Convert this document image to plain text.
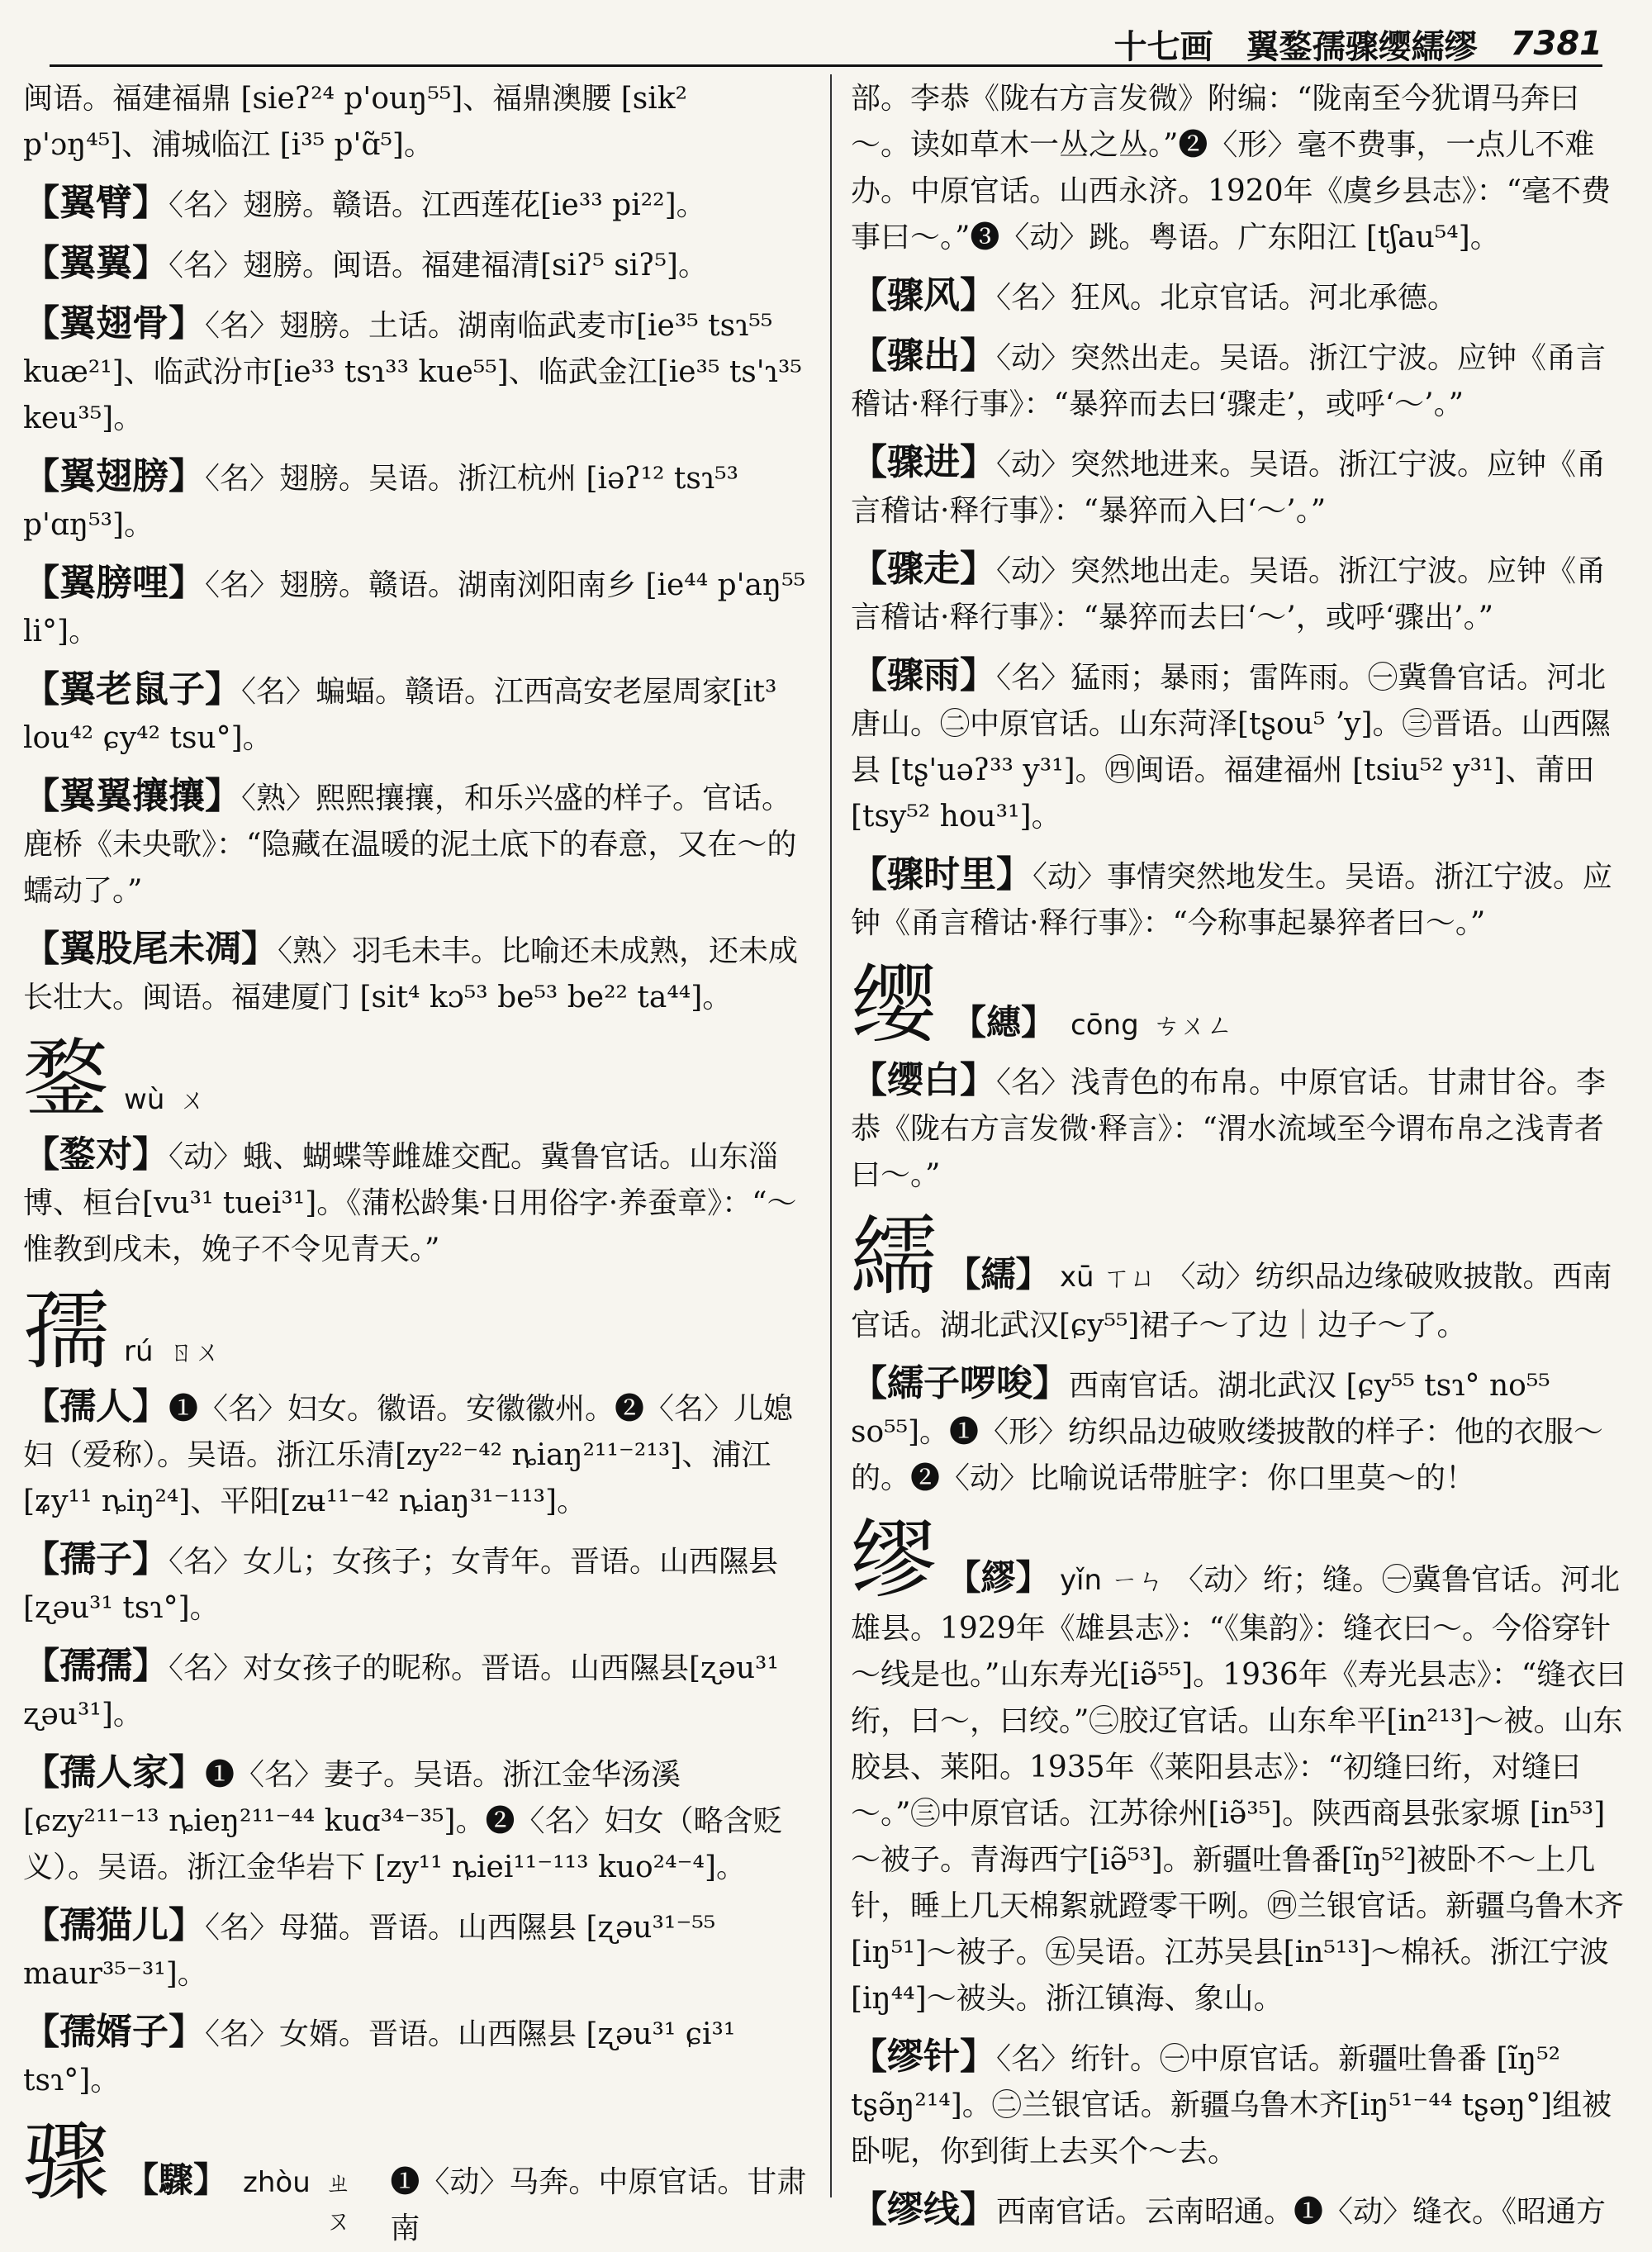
十七画 翼鍪孺骤缨繻缪 7381
闽语。福建福鼎 [sieʔ²⁴ p'ouŋ⁵⁵]、福鼎澳腰 [sik² p'ɔŋ⁴⁵]、浦城临江 [i³⁵ p'ɑ̃⁵]。
【翼臂】〈名〉翅膀。赣语。江西莲花[ie³³ pi²²]。
【翼翼】〈名〉翅膀。闽语。福建福清[siʔ⁵ siʔ⁵]。
【翼翅骨】〈名〉翅膀。土话。湖南临武麦市[ie³⁵ tsɿ⁵⁵ kuæ²¹]、临武汾市[ie³³ tsɿ³³ kue⁵⁵]、临武金江[ie³⁵ ts'ɿ³⁵ keu³⁵]。
【翼翅膀】〈名〉翅膀。吴语。浙江杭州 [iəʔ¹² tsɿ⁵³ p'ɑŋ⁵³]。
【翼膀哩】〈名〉翅膀。赣语。湖南浏阳南乡 [ie⁴⁴ p'aŋ⁵⁵ li°]。
【翼老鼠子】〈名〉蝙蝠。赣语。江西高安老屋周家[it³ lou⁴² ɕy⁴² tsu°]。
【翼翼攘攘】〈熟〉熙熙攘攘，和乐兴盛的样子。官话。鹿桥《未央歌》：“隐藏在温暖的泥土底下的春意，又在～的蠕动了。”
【翼股尾未凋】〈熟〉羽毛未丰。比喻还未成熟，还未成长壮大。闽语。福建厦门 [sit⁴ kɔ⁵³ be⁵³ be²² ta⁴⁴]。
鍪 wù ㄨ
【鍪对】〈动〉蛾、蝴蝶等雌雄交配。冀鲁官话。山东淄博、桓台[vu³¹ tuei³¹]。《蒲松龄集·日用俗字·养蚕章》：“～惟教到戌未，娩子不令见青天。”
孺 rú ㄖㄨ
【孺人】❶〈名〉妇女。徽语。安徽徽州。❷〈名〉儿媳妇（爱称）。吴语。浙江乐清[zy²²⁻⁴² ȵiaŋ²¹¹⁻²¹³]、浦江[ʑy¹¹ ȵiŋ²⁴]、平阳[zʉ¹¹⁻⁴² ȵiaŋ³¹⁻¹¹³]。
【孺子】〈名〉女儿；女孩子；女青年。晋语。山西隰县[ʐəu³¹ tsɿ°]。
【孺孺】〈名〉对女孩子的昵称。晋语。山西隰县[ʐəu³¹ ʐəu³¹]。
【孺人家】❶〈名〉妻子。吴语。浙江金华汤溪[ɕzy²¹¹⁻¹³ ȵieŋ²¹¹⁻⁴⁴ kuɑ³⁴⁻³⁵]。❷〈名〉妇女（略含贬义）。吴语。浙江金华岩下 [zy¹¹ ȵiei¹¹⁻¹¹³ kuo²⁴⁻⁴]。
【孺猫儿】〈名〉母猫。晋语。山西隰县 [ʐəu³¹⁻⁵⁵ maur³⁵⁻³¹]。
【孺婿子】〈名〉女婿。晋语。山西隰县 [ʐəu³¹ ɕi³¹ tsɿ°]。
骤 【驟】 zhòu ㄓㄡ
❶〈动〉马奔。中原官话。甘肃南
部。李恭《陇右方言发微》附编：“陇南至今犹谓马奔曰～。读如草木一丛之丛。”❷〈形〉毫不费事，一点儿不难办。中原官话。山西永济。1920年《虞乡县志》：“毫不费事曰～。”❸〈动〉跳。粤语。广东阳江 [tʃau⁵⁴]。
【骤风】〈名〉狂风。北京官话。河北承德。
【骤出】〈动〉突然出走。吴语。浙江宁波。应钟《甬言稽诂·释行事》：“暴猝而去曰‘骤走’，或呼‘～’。”
【骤进】〈动〉突然地进来。吴语。浙江宁波。应钟《甬言稽诂·释行事》：“暴猝而入曰‘～’。”
【骤走】〈动〉突然地出走。吴语。浙江宁波。应钟《甬言稽诂·释行事》：“暴猝而去曰‘～’，或呼‘骤出’。”
【骤雨】〈名〉猛雨；暴雨；雷阵雨。㊀冀鲁官话。河北唐山。㊁中原官话。山东菏泽[tʂou⁵ ʼy]。㊂晋语。山西隰县 [tʂ'uəʔ³³ y³¹]。㊃闽语。福建福州 [tsiu⁵² y³¹]、莆田[tsy⁵² hou³¹]。
【骤时里】〈动〉事情突然地发生。吴语。浙江宁波。应钟《甬言稽诂·释行事》：“今称事起暴猝者曰～。”
缨 【繐】 cōng ㄘㄨㄥ
【缨白】〈名〉浅青色的布帛。中原官话。甘肃甘谷。李恭《陇右方言发微·释言》：“渭水流域至今谓布帛之浅青者曰～。”
繻 【繻】 xū ㄒㄩ 〈动〉纺织品边缘破败披散。西南官话。湖北武汉[ɕy⁵⁵]裙子～了边｜边子～了。
【繻子啰唆】西南官话。湖北武汉 [ɕy⁵⁵ tsɿ° no⁵⁵ so⁵⁵]。❶〈形〉纺织品边破败缕披散的样子：他的衣服～的。❷〈动〉比喻说话带脏字：你口里莫～的！
缪 【繆】 yǐn ㄧㄣ 〈动〉绗；缝。㊀冀鲁官话。河北雄县。1929年《雄县志》：“《集韵》：缝衣曰～。今俗穿针～线是也。”山东寿光[iə̃⁵⁵]。1936年《寿光县志》：“缝衣曰绗，曰～，曰绞。”㊁胶辽官话。山东牟平[in²¹³]～被。山东胶县、莱阳。1935年《莱阳县志》：“初缝曰绗，对缝曰～。”㊂中原官话。江苏徐州[iə̃³⁵]。陕西商县张家塬 [in⁵³] ～被子。青海西宁[iə̃⁵³]。新疆吐鲁番[ĩŋ⁵²]被卧不～上几针，睡上几天棉絮就蹬零干咧。㊃兰银官话。新疆乌鲁木齐[iŋ⁵¹]～被子。㊄吴语。江苏吴县[in⁵¹³]～棉袄。浙江宁波[iŋ⁴⁴]～被头。浙江镇海、象山。
【缪针】〈名〉绗针。㊀中原官话。新疆吐鲁番 [ĩŋ⁵² tʂə̃ŋ²¹⁴]。㊁兰银官话。新疆乌鲁木齐[iŋ⁵¹⁻⁴⁴ tʂəŋ°]组被卧呢，你到街上去买个～去。
【缪线】西南官话。云南昭通。❶〈动〉缝衣。《昭通方
